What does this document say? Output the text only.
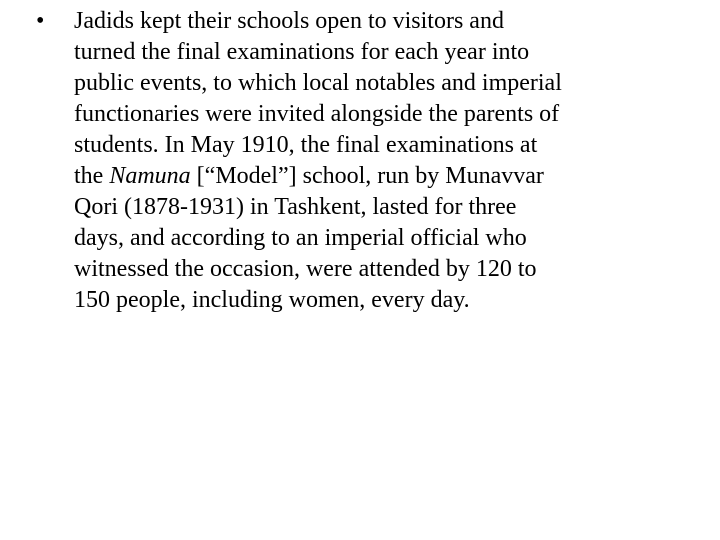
• Jadids kept their schools open to visitors and
turned the final examinations for each year into
public events, to which local notables and imperial
functionaries were invited alongside the parents of
students. In May 1910, the final examinations at
the Namuna [“Model”] school, run by Munavvar
Qori (1878-1931) in Tashkent, lasted for three
days, and according to an imperial official who
witnessed the occasion, were attended by 120 to
150 people, including women, every day.
